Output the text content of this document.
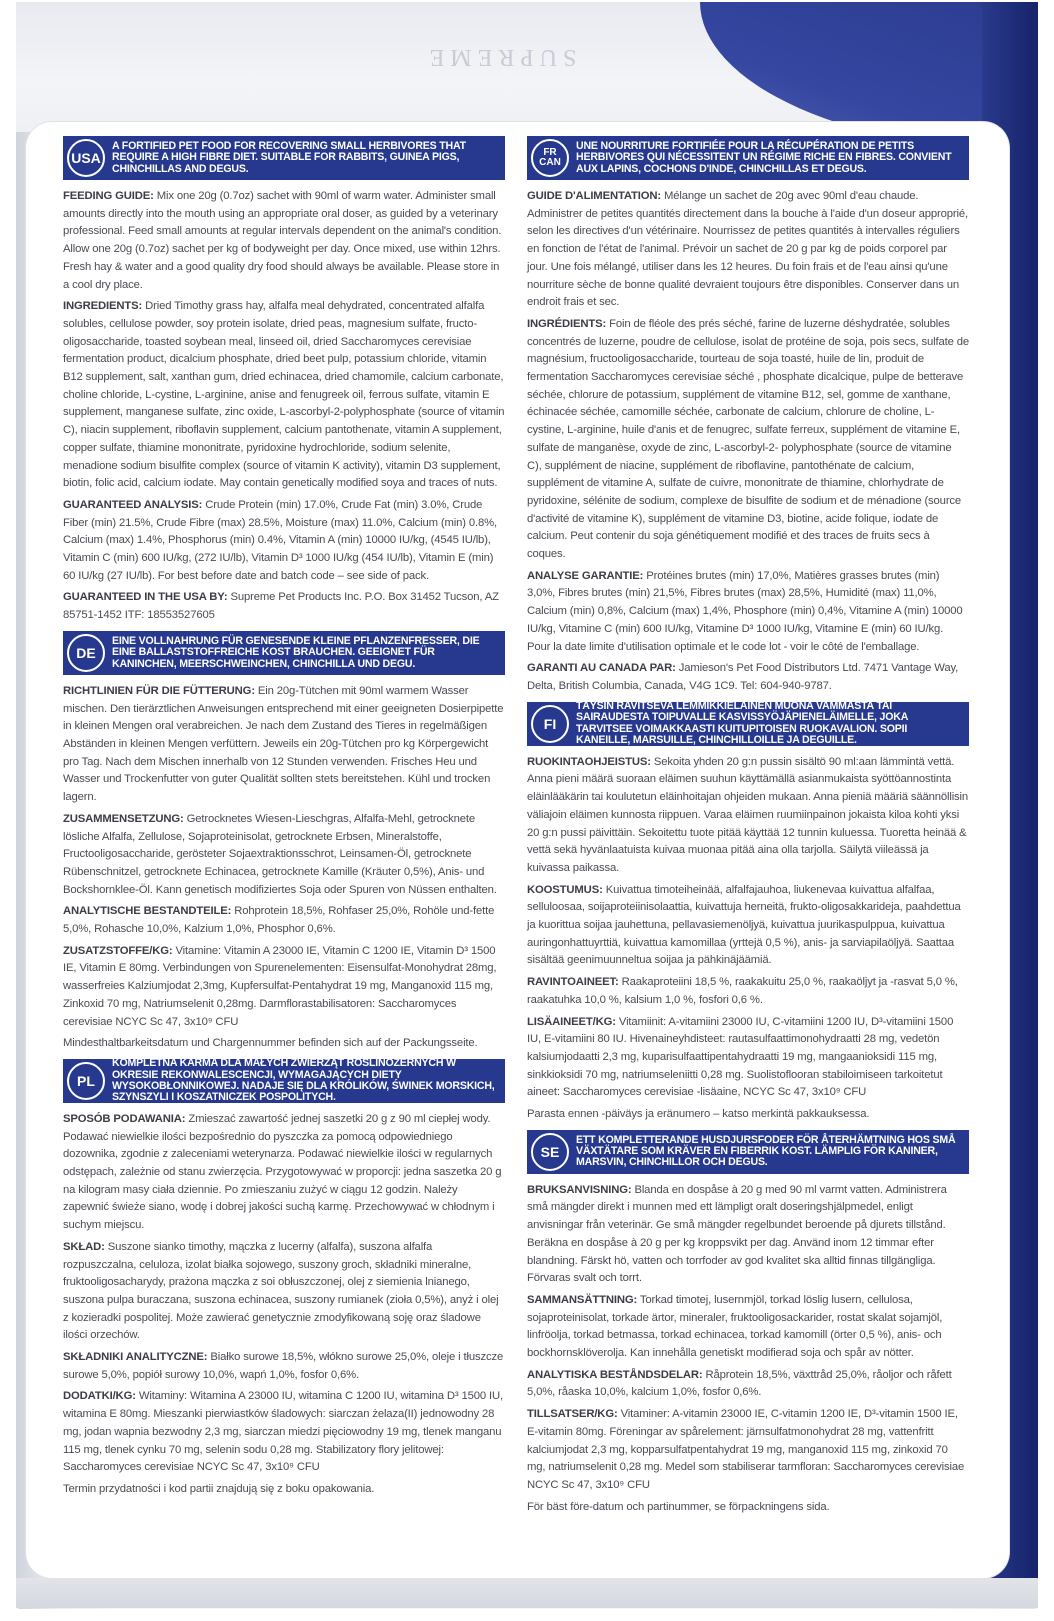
SUPREME
USA
A FORTIFIED PET FOOD FOR RECOVERING SMALL HERBIVORES THAT REQUIRE A HIGH FIBRE DIET. SUITABLE FOR RABBITS, GUINEA PIGS, CHINCHILLAS AND DEGUS.

FEEDING GUIDE: Mix one 20g (0.7oz) sachet with 90ml of warm water. Administer small amounts directly into the mouth using an appropriate oral doser, as guided by a veterinary professional. Feed small amounts at regular intervals dependent on the animal's condition. Allow one 20g (0.7oz) sachet per kg of bodyweight per day. Once mixed, use within 12hrs. Fresh hay & water and a good quality dry food should always be available. Please store in a cool dry place.

INGREDIENTS: Dried Timothy grass hay, alfalfa meal dehydrated, concentrated alfalfa solubles, cellulose powder, soy protein isolate, dried peas, magnesium sulfate, fructo-oligosaccharide, toasted soybean meal, linseed oil, dried Saccharomyces cerevisiae fermentation product, dicalcium phosphate, dried beet pulp, potassium chloride, vitamin B12 supplement, salt, xanthan gum, dried echinacea, dried chamomile, calcium carbonate, choline chloride, L-cystine, L-arginine, anise and fenugreek oil, ferrous sulfate, vitamin E supplement, manganese sulfate, zinc oxide, L-ascorbyl-2-polyphosphate (source of vitamin C), niacin supplement, riboflavin supplement, calcium pantothenate, vitamin A supplement, copper sulfate, thiamine mononitrate, pyridoxine hydrochloride, sodium selenite, menadione sodium bisulfite complex (source of vitamin K activity), vitamin D3 supplement, biotin, folic acid, calcium iodate. May contain genetically modified soya and traces of nuts.

GUARANTEED ANALYSIS: Crude Protein (min) 17.0%, Crude Fat (min) 3.0%, Crude Fiber (min) 21.5%, Crude Fibre (max) 28.5%, Moisture (max) 11.0%, Calcium (min) 0.8%, Calcium (max) 1.4%, Phosphorus (min) 0.4%, Vitamin A (min) 10000 IU/kg, (4545 IU/lb), Vitamin C (min) 600 IU/kg, (272 IU/lb), Vitamin D³ 1000 IU/kg (454 IU/lb), Vitamin E (min) 60 IU/kg (27 IU/lb). For best before date and batch code – see side of pack.

GUARANTEED IN THE USA BY: Supreme Pet Products Inc. P.O. Box 31452 Tucson, AZ 85751-1452 ITF: 18553527605

DE
EINE VOLLNAHRUNG FÜR GENESENDE KLEINE PFLANZENFRESSER, DIE EINE BALLASTSTOFFREICHE KOST BRAUCHEN. GEEIGNET FÜR KANINCHEN, MEERSCHWEINCHEN, CHINCHILLA UND DEGU.

RICHTLINIEN FÜR DIE FÜTTERUNG: Ein 20g-Tütchen mit 90ml warmem Wasser mischen. Den tierärztlichen Anweisungen entsprechend mit einer geeigneten Dosierpipette in kleinen Mengen oral verabreichen. Je nach dem Zustand des Tieres in regelmäßigen Abständen in kleinen Mengen verfüttern. Jeweils ein 20g-Tütchen pro kg Körpergewicht pro Tag. Nach dem Mischen innerhalb von 12 Stunden verwenden. Frisches Heu und Wasser und Trockenfutter von guter Qualität sollten stets bereitstehen. Kühl und trocken lagern.

ZUSAMMENSETZUNG: Getrocknetes Wiesen-Lieschgras, Alfalfa-Mehl, getrocknete lösliche Alfalfa, Zellulose, Sojaproteinisolat, getrocknete Erbsen, Mineralstoffe, Fructooligosaccharide, gerösteter Sojaextraktionsschrot, Leinsamen-Öl, getrocknete Rübenschnitzel, getrocknete Echinacea, getrocknete Kamille (Kräuter 0,5%), Anis- und Bockshornklee-Öl. Kann genetisch modifiziertes Soja oder Spuren von Nüssen enthalten.

ANALYTISCHE BESTANDTEILE: Rohprotein 18,5%, Rohfaser 25,0%, Rohöle und-fette 5,0%, Rohasche 10,0%, Kalzium 1,0%, Phosphor 0,6%.

ZUSATZSTOFFE/KG: Vitamine: Vitamin A 23000 IE, Vitamin C 1200 IE, Vitamin D³ 1500 IE, Vitamin E 80mg. Verbindungen von Spurenelementen: Eisensulfat-Monohydrat 28mg, wasserfreies Kalziumjodat 2,3mg, Kupfersulfat-Pentahydrat 19 mg, Manganoxid 115 mg, Zinkoxid 70 mg, Natriumselenit 0,28mg. Darmflorastabilisatoren: Saccharomyces cerevisiae NCYC Sc 47, 3x10⁹ CFU

Mindesthaltbarkeitsdatum und Chargennummer befinden sich auf der Packungsseite.

PL
KOMPLETNA KARMA DLA MAŁYCH ZWIERZĄT ROŚLINOŻERNYCH W OKRESIE REKONWALESCENCJI, WYMAGAJĄCYCH DIETY WYSOKOBŁONNIKOWEJ. NADAJE SIĘ DLA KRÓLIKÓW, ŚWINEK MORSKICH, SZYNSZYLI I KOSZATNICZEK POSPOLITYCH.

SPOSÓB PODAWANIA: Zmieszać zawartość jednej saszetki 20 g z 90 ml ciepłej wody. Podawać niewielkie ilości bezpośrednio do pyszczka za pomocą odpowiedniego dozownika, zgodnie z zaleceniami weterynarza. Podawać niewielkie ilości w regularnych odstępach, zależnie od stanu zwierzęcia. Przygotowywać w proporcji: jedna saszetka 20 g na kilogram masy ciała dziennie. Po zmieszaniu zużyć w ciągu 12 godzin. Należy zapewnić świeże siano, wodę i dobrej jakości suchą karmę. Przechowywać w chłodnym i suchym miejscu.

SKŁAD: Suszone sianko timothy, mączka z lucerny (alfalfa), suszona alfalfa rozpuszczalna, celuloza, izolat białka sojowego, suszony groch, składniki mineralne, fruktooligosacharydy, prażona mączka z soi obłuszczonej, olej z siemienia lnianego, suszona pulpa buraczana, suszona echinacea, suszony rumianek (zioła 0,5%), anyż i olej z kozieradki pospolitej. Może zawierać genetycznie zmodyfikowaną soję oraz śladowe ilości orzechów.

SKŁADNIKI ANALITYCZNE: Białko surowe 18,5%, włókno surowe 25,0%, oleje i tłuszcze surowe 5,0%, popiół surowy 10,0%, wapń 1,0%, fosfor 0,6%.

DODATKI/KG: Witaminy: Witamina A 23000 IU, witamina C 1200 IU, witamina D³ 1500 IU, witamina E 80mg. Mieszanki pierwiastków śladowych: siarczan żelaza(II) jednowodny 28 mg, jodan wapnia bezwodny 2,3 mg, siarczan miedzi pięciowodny 19 mg, tlenek manganu 115 mg, tlenek cynku 70 mg, selenin sodu 0,28 mg. Stabilizatory flory jelitowej: Saccharomyces cerevisiae NCYC Sc 47, 3x10⁹ CFU

Termin przydatności i kod partii znajdują się z boku opakowania.

FR
CAN
UNE NOURRITURE FORTIFIÉE POUR LA RÉCUPÉRATION DE PETITS HERBIVORES QUI NÉCESSITENT UN RÉGIME RICHE EN FIBRES. CONVIENT AUX LAPINS, COCHONS D'INDE, CHINCHILLAS ET DEGUS.

GUIDE D'ALIMENTATION: Mélange un sachet de 20g avec 90ml d'eau chaude. Administrer de petites quantités directement dans la bouche à l'aide d'un doseur approprié, selon les directives d'un vétérinaire. Nourrissez de petites quantités à intervalles réguliers en fonction de l'état de l'animal. Prévoir un sachet de 20 g par kg de poids corporel par jour. Une fois mélangé, utiliser dans les 12 heures. Du foin frais et de l'eau ainsi qu'une nourriture sèche de bonne qualité devraient toujours être disponibles. Conserver dans un endroit frais et sec.

INGRÉDIENTS: Foin de fléole des prés séché, farine de luzerne déshydratée, solubles concentrés de luzerne, poudre de cellulose, isolat de protéine de soja, pois secs, sulfate de magnésium, fructooligosaccharide, tourteau de soja toasté, huile de lin, produit de fermentation Saccharomyces cerevisiae séché , phosphate dicalcique, pulpe de betterave séchée, chlorure de potassium, supplément de vitamine B12, sel, gomme de xanthane, échinacée séchée, camomille séchée, carbonate de calcium, chlorure de choline, L-cystine, L-arginine, huile d'anis et de fenugrec, sulfate ferreux, supplément de vitamine E, sulfate de manganèse, oxyde de zinc, L-ascorbyl-2- polyphosphate (source de vitamine C), supplément de niacine, supplément de riboflavine, pantothénate de calcium, supplément de vitamine A, sulfate de cuivre, mononitrate de thiamine, chlorhydrate de pyridoxine, sélénite de sodium, complexe de bisulfite de sodium et de ménadione (source d'activité de vitamine K), supplément de vitamine D3, biotine, acide folique, iodate de calcium. Peut contenir du soja génétiquement modifié et des traces de fruits secs à coques.

ANALYSE GARANTIE: Protéines brutes (min) 17,0%, Matières grasses brutes (min) 3,0%, Fibres brutes (min) 21,5%, Fibres brutes (max) 28,5%, Humidité (max) 11,0%, Calcium (min) 0,8%, Calcium (max) 1,4%, Phosphore (min) 0,4%, Vitamine A (min) 10000 IU/kg, Vitamine C (min) 600 IU/kg, Vitamine D³ 1000 IU/kg, Vitamine E (min) 60 IU/kg. Pour la date limite d'utilisation optimale et le code lot - voir le côté de l'emballage.

GARANTI AU CANADA PAR: Jamieson's Pet Food Distributors Ltd. 7471 Vantage Way, Delta, British Columbia, Canada, V4G 1C9. Tel: 604-940-9787.

FI
TÄYSIN RAVITSEVA LEMMIKKIELÄINEN MUONA VAMMASTA TAI SAIRAUDESTA TOIPUVALLE KASVISSYÖJÄPIENELÄIMELLE, JOKA TARVITSEE VOIMAKKAASTI KUITUPITOISEN RUOKAVALION. SOPII KANEILLE, MARSUILLE, CHINCHILLOILLE JA DEGUILLE.

RUOKINTAOHJEISTUS: Sekoita yhden 20 g:n pussin sisältö 90 ml:aan lämmintä vettä. Anna pieni määrä suoraan eläimen suuhun käyttämällä asianmukaista syöttöannostinta eläinlääkärin tai koulutetun eläinhoitajan ohjeiden mukaan. Anna pieniä määriä säännöllisin väliajoin eläimen kunnosta riippuen. Varaa eläimen ruumiinpainon jokaista kiloa kohti yksi 20 g:n pussi päivittäin. Sekoitettu tuote pitää käyttää 12 tunnin kuluessa. Tuoretta heinää & vettä sekä hyvänlaatuista kuivaa muonaa pitää aina olla tarjolla. Säilytä viileässä ja kuivassa paikassa.

KOOSTUMUS: Kuivattua timoteiheinää, alfalfajauhoa, liukenevaa kuivattua alfalfaa, selluloosaa, soijaproteiinisolaattia, kuivattuja herneitä, frukto-oligosakkarideja, paahdettua ja kuorittua soijaa jauhettuna, pellavasiemenöljyä, kuivattua juurikaspulppua, kuivattua auringonhattuyrttiä, kuivattua kamomillaa (yrttejä 0,5 %), anis- ja sarviapilaöljyä. Saattaa sisältää geenimuunneltua soijaa ja pähkinäjäämiä.

RAVINTOAINEET: Raakaproteiini 18,5 %, raakakuitu 25,0 %, raakaöljyt ja -rasvat 5,0 %, raakatuhka 10,0 %, kalsium 1,0 %, fosfori 0,6 %.

LISÄAINEET/KG: Vitamiinit: A-vitamiini 23000 IU, C-vitamiini 1200 IU, D³-vitamiini 1500 IU, E-vitamiini 80 IU. Hivenaineyhdisteet: rautasulfaattimonohydraatti 28 mg, vedetön kalsiumjodaatti 2,3 mg, kuparisulfaattipentahydraatti 19 mg, mangaanioksidi 115 mg, sinkkioksidi 70 mg, natriumseleniitti 0,28 mg. Suolistoflooran stabiloimiseen tarkoitetut aineet: Saccharomyces cerevisiae -lisäaine, NCYC Sc 47, 3x10⁹ CFU

Parasta ennen -päiväys ja eränumero – katso merkintä pakkauksessa.

SE
ETT KOMPLETTERANDE HUSDJURSFODER FÖR ÅTERHÄMTNING HOS SMÅ VÄXTÄTARE SOM KRÄVER EN FIBERRIK KOST. LÄMPLIG FÖR KANINER, MARSVIN, CHINCHILLOR OCH DEGUS.

BRUKSANVISNING: Blanda en dospåse à 20 g med 90 ml varmt vatten. Administrera små mängder direkt i munnen med ett lämpligt oralt doseringshjälpmedel, enligt anvisningar från veterinär. Ge små mängder regelbundet beroende på djurets tillstånd. Beräkna en dospåse à 20 g per kg kroppsvikt per dag. Använd inom 12 timmar efter blandning. Färskt hö, vatten och torrfoder av god kvalitet ska alltid finnas tillgängliga. Förvaras svalt och torrt.

SAMMANSÄTTNING: Torkad timotej, lusernmjöl, torkad löslig lusern, cellulosa, sojaproteinisolat, torkade ärtor, mineraler, fruktooligosackarider, rostat skalat sojamjöl, linfröolja, torkad betmassa, torkad echinacea, torkad kamomill (örter 0,5 %), anis- och bockhornsklöverolja. Kan innehålla genetiskt modifierad soja och spår av nötter.

ANALYTISKA BESTÅNDSDELAR: Råprotein 18,5%, växttråd 25,0%, råoljor och råfett 5,0%, råaska 10,0%, kalcium 1,0%, fosfor 0,6%.

TILLSATSER/KG: Vitaminer: A-vitamin 23000 IE, C-vitamin 1200 IE, D³-vitamin 1500 IE, E-vitamin 80mg. Föreningar av spårelement: järnsulfatmonohydrat 28 mg, vattenfritt kalciumjodat 2,3 mg, kopparsulfatpentahydrat 19 mg, manganoxid 115 mg, zinkoxid 70 mg, natriumselenit 0,28 mg. Medel som stabiliserar tarmfloran: Saccharomyces cerevisiae NCYC Sc 47, 3x10⁹ CFU

För bäst före-datum och partinummer, se förpackningens sida.
